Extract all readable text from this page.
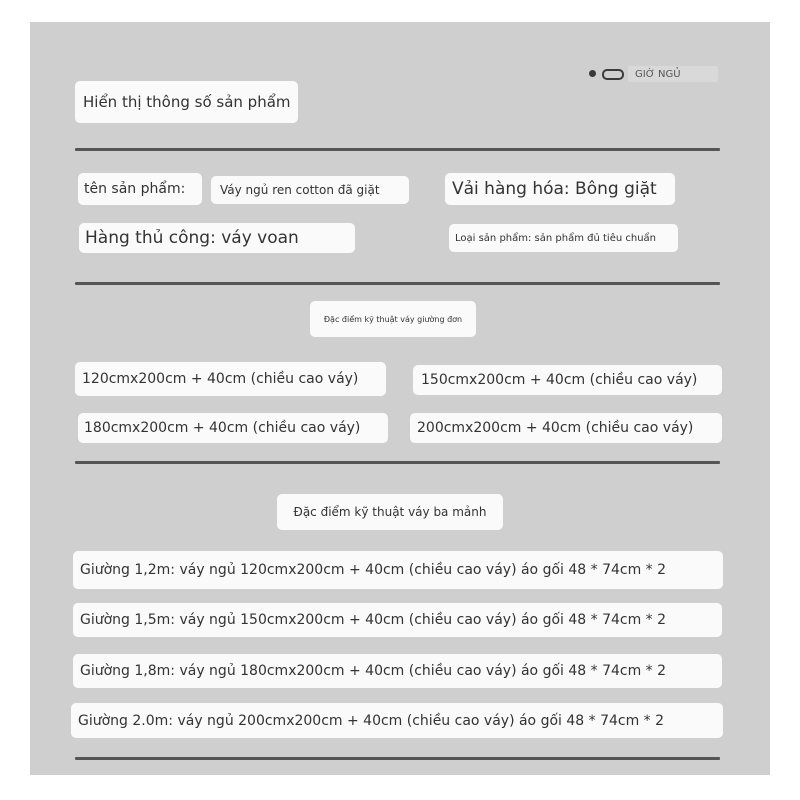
GIỜ NGỦ
Hiển thị thông số sản phẩm
tên sản phẩm:	Váy ngủ ren cotton đã giặt	Vải hàng hóa: Bông giặt
Hàng thủ công: váy voan	Loại sản phẩm: sản phẩm đủ tiêu chuẩn
Đặc điểm kỹ thuật váy giường đơn
120cmx200cm + 40cm (chiều cao váy)	150cmx200cm + 40cm (chiều cao váy)
180cmx200cm + 40cm (chiều cao váy)	200cmx200cm + 40cm (chiều cao váy)
Đặc điểm kỹ thuật váy ba mảnh
Giường 1,2m: váy ngủ 120cmx200cm + 40cm (chiều cao váy) áo gối 48 * 74cm * 2
Giường 1,5m: váy ngủ 150cmx200cm + 40cm (chiều cao váy) áo gối 48 * 74cm * 2
Giường 1,8m: váy ngủ 180cmx200cm + 40cm (chiều cao váy) áo gối 48 * 74cm * 2
Giường 2.0m: váy ngủ 200cmx200cm + 40cm (chiều cao váy) áo gối 48 * 74cm * 2
